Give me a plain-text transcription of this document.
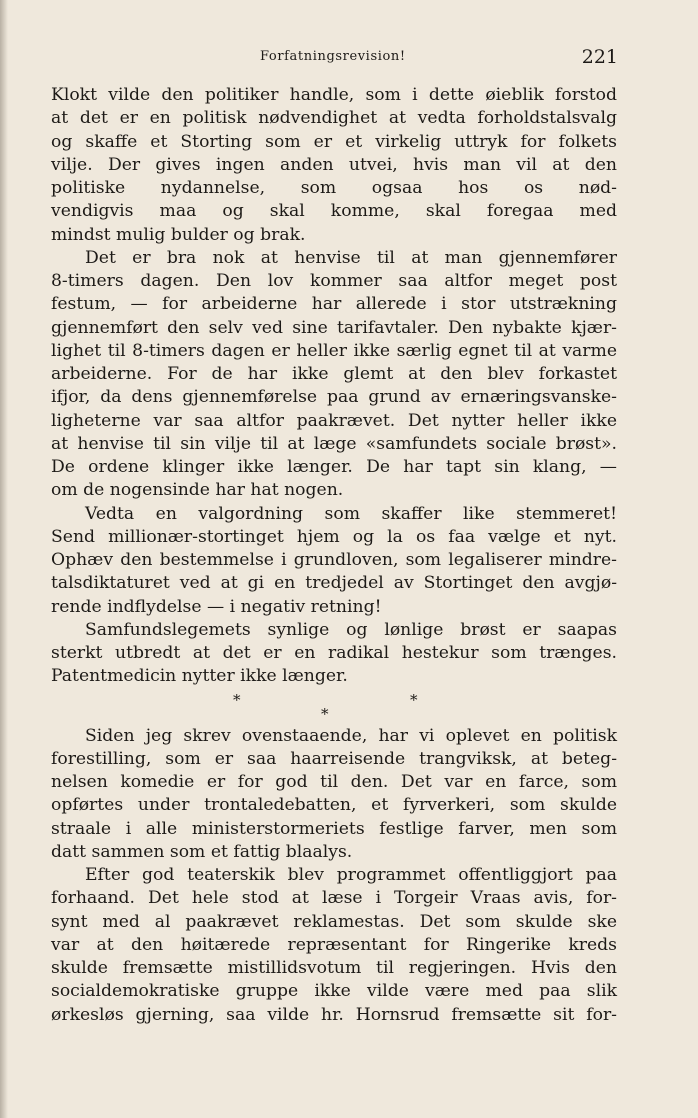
Forfatningsrevision!	221
Klokt vilde den politiker handle, som i dette øieblik forstod
at det er en politisk nødvendighet at vedta forholdstalsvalg
og skaffe et Storting som er et virkelig uttryk for folkets
vilje. Der gives ingen anden utvei, hvis man vil at den
politiske nydannelse, som ogsaa hos os nød-
vendigvis maa og skal komme, skal foregaa med
mindst mulig bulder og brak.
Det er bra nok at henvise til at man gjennemfører
8-timers dagen. Den lov kommer saa altfor meget post
festum, — for arbeiderne har allerede i stor utstrækning
gjennemført den selv ved sine tarifavtaler. Den nybakte kjær-
lighet til 8-timers dagen er heller ikke særlig egnet til at varme
arbeiderne. For de har ikke glemt at den blev forkastet
ifjor, da dens gjennemførelse paa grund av ernæringsvanske-
ligheterne var saa altfor paakrævet. Det nytter heller ikke
at henvise til sin vilje til at læge «samfundets sociale brøst».
De ordene klinger ikke længer. De har tapt sin klang, —
om de nogensinde har hat nogen.
Vedta en valgordning som skaffer like stemmeret!
Send millionær-stortinget hjem og la os faa vælge et nyt.
Ophæv den bestemmelse i grundloven, som legaliserer mindre-
talsdiktaturet ved at gi en tredjedel av Stortinget den avgjø-
rende indflydelse — i negativ retning!
Samfundslegemets synlige og lønlige brøst er saapas
sterkt utbredt at det er en radikal hestekur som trænges.
Patentmedicin nytter ikke længer.
*	*
*
Siden jeg skrev ovenstaaende, har vi oplevet en politisk
forestilling, som er saa haarreisende trangviksk, at beteg-
nelsen komedie er for god til den. Det var en farce, som
opførtes under trontaledebatten, et fyrverkeri, som skulde
straale i alle ministerstormeriets festlige farver, men som
datt sammen som et fattig blaalys.
Efter god teaterskik blev programmet offentliggjort paa
forhaand. Det hele stod at læse i Torgeir Vraas avis, for-
synt med al paakrævet reklamestas. Det som skulde ske
var at den høitærede repræsentant for Ringerike kreds
skulde fremsætte mistillidsvotum til regjeringen. Hvis den
socialdemokratiske gruppe ikke vilde være med paa slik
ørkesløs gjerning, saa vilde hr. Hornsrud fremsætte sit for-
